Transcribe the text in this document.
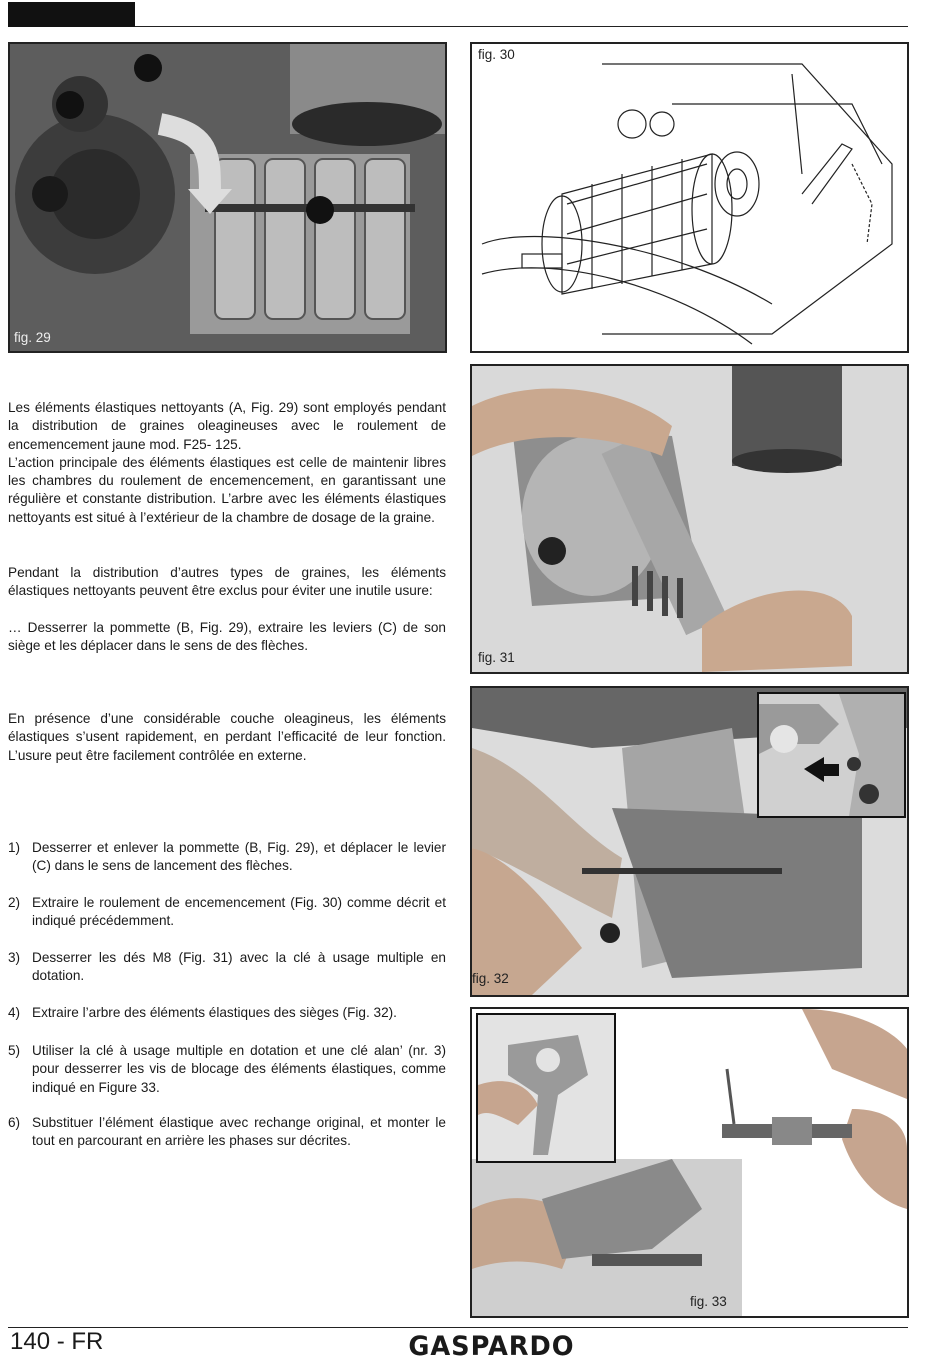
fig. 29
fig. 30
fig. 31
fig. 32
fig. 33

Les éléments élastiques nettoyants (A, Fig. 29) sont employés pendant la distribution de graines oleagineuses avec le roulement de encemencement jaune mod. F25- 125.

L’action principale des éléments élastiques est celle de maintenir libres les chambres du roulement de encemencement, en garantissant une régulière et constante distribution. L’arbre avec les éléments élastiques nettoyants est situé à l’extérieur de la chambre de dosage de la graine.

Pendant la distribution d’autres types de graines, les éléments élastiques nettoyants peuvent être exclus pour éviter une inutile usure:
… Desserrer la pommette (B, Fig. 29), extraire les leviers (C) de son siège et les déplacer dans le sens de des flèches.
En présence d’une considérable couche oleagineus, les éléments élastiques s’usent rapidement, en perdant l’efficacité de leur fonction. L’usure peut être facilement contrôlée en externe.
1) Desserrer et enlever la pommette (B, Fig. 29), et déplacer le levier (C) dans le sens de lancement des flèches.
2) Extraire le roulement de encemencement (Fig. 30) comme décrit et indiqué précédemment.
3) Desserrer les dés M8 (Fig. 31) avec la clé à usage multiple en dotation.
4) Extraire l’arbre des éléments élastiques des sièges (Fig. 32).
5) Utiliser la clé à usage multiple en dotation et une clé alan’ (nr. 3) pour desserrer les vis de blocage des éléments élastiques, comme indiqué en Figure 33.
6) Substituer l’élément élastique avec rechange original, et monter le tout en parcourant en arrière les phases sur décrites.
140 - FR	GASPARDO
